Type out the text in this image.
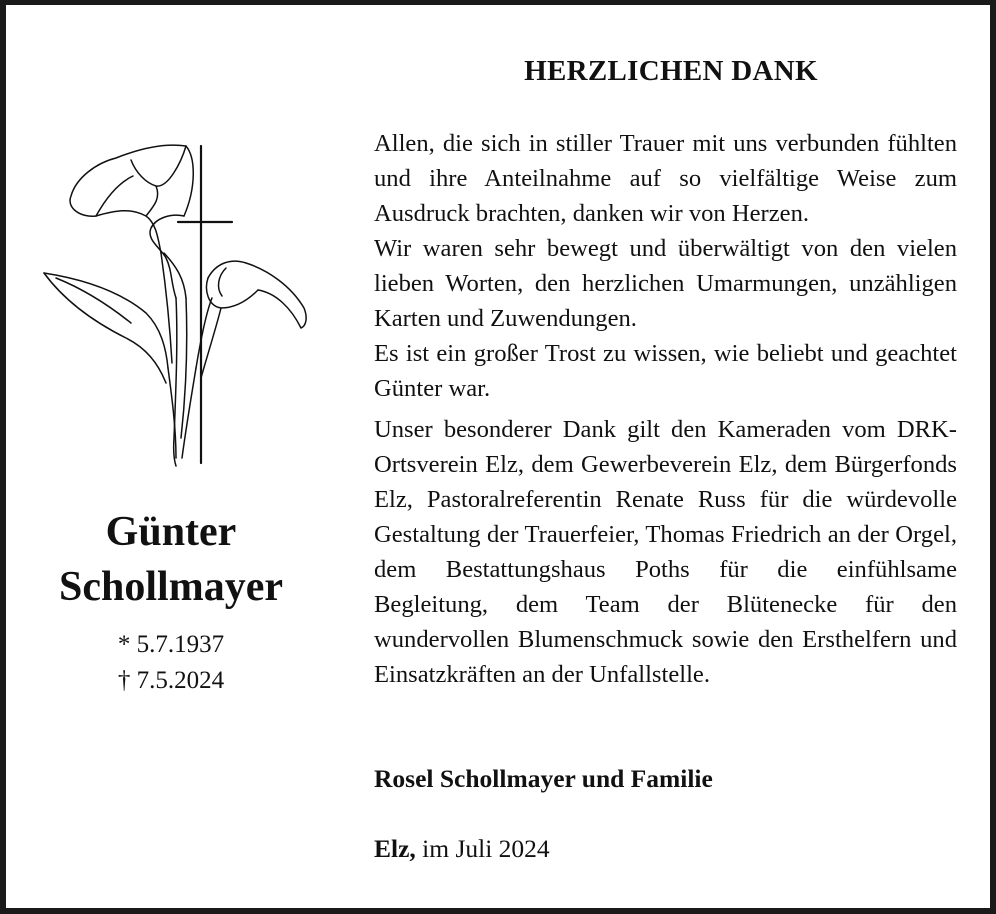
Günter
Schollmayer
* 5.7.1937
† 7.5.2024
HERZLICHEN DANK

Allen, die sich in stiller Trauer mit uns verbunden fühlten und ihre Anteilnahme auf so vielfältige Weise zum Ausdruck brachten, danken wir von Herzen.

Wir waren sehr bewegt und überwältigt von den vielen lieben Worten, den herzlichen Umarmungen, unzähligen Karten und Zuwendungen.

Es ist ein großer Trost zu wissen, wie beliebt und geachtet Günter war.

Unser besonderer Dank gilt den Kameraden vom DRK-Ortsverein Elz, dem Gewerbeverein Elz, dem Bürgerfonds Elz, Pastoralreferentin Renate Russ für die würdevolle Gestaltung der Trauerfeier, Thomas Friedrich an der Orgel, dem Bestattungshaus Poths für die einfühlsame Begleitung, dem Team der Blütenecke für den wundervollen Blumenschmuck sowie den Ersthelfern und Einsatzkräften an der Unfallstelle.

Rosel Schollmayer und Familie
Elz, im Juli 2024
